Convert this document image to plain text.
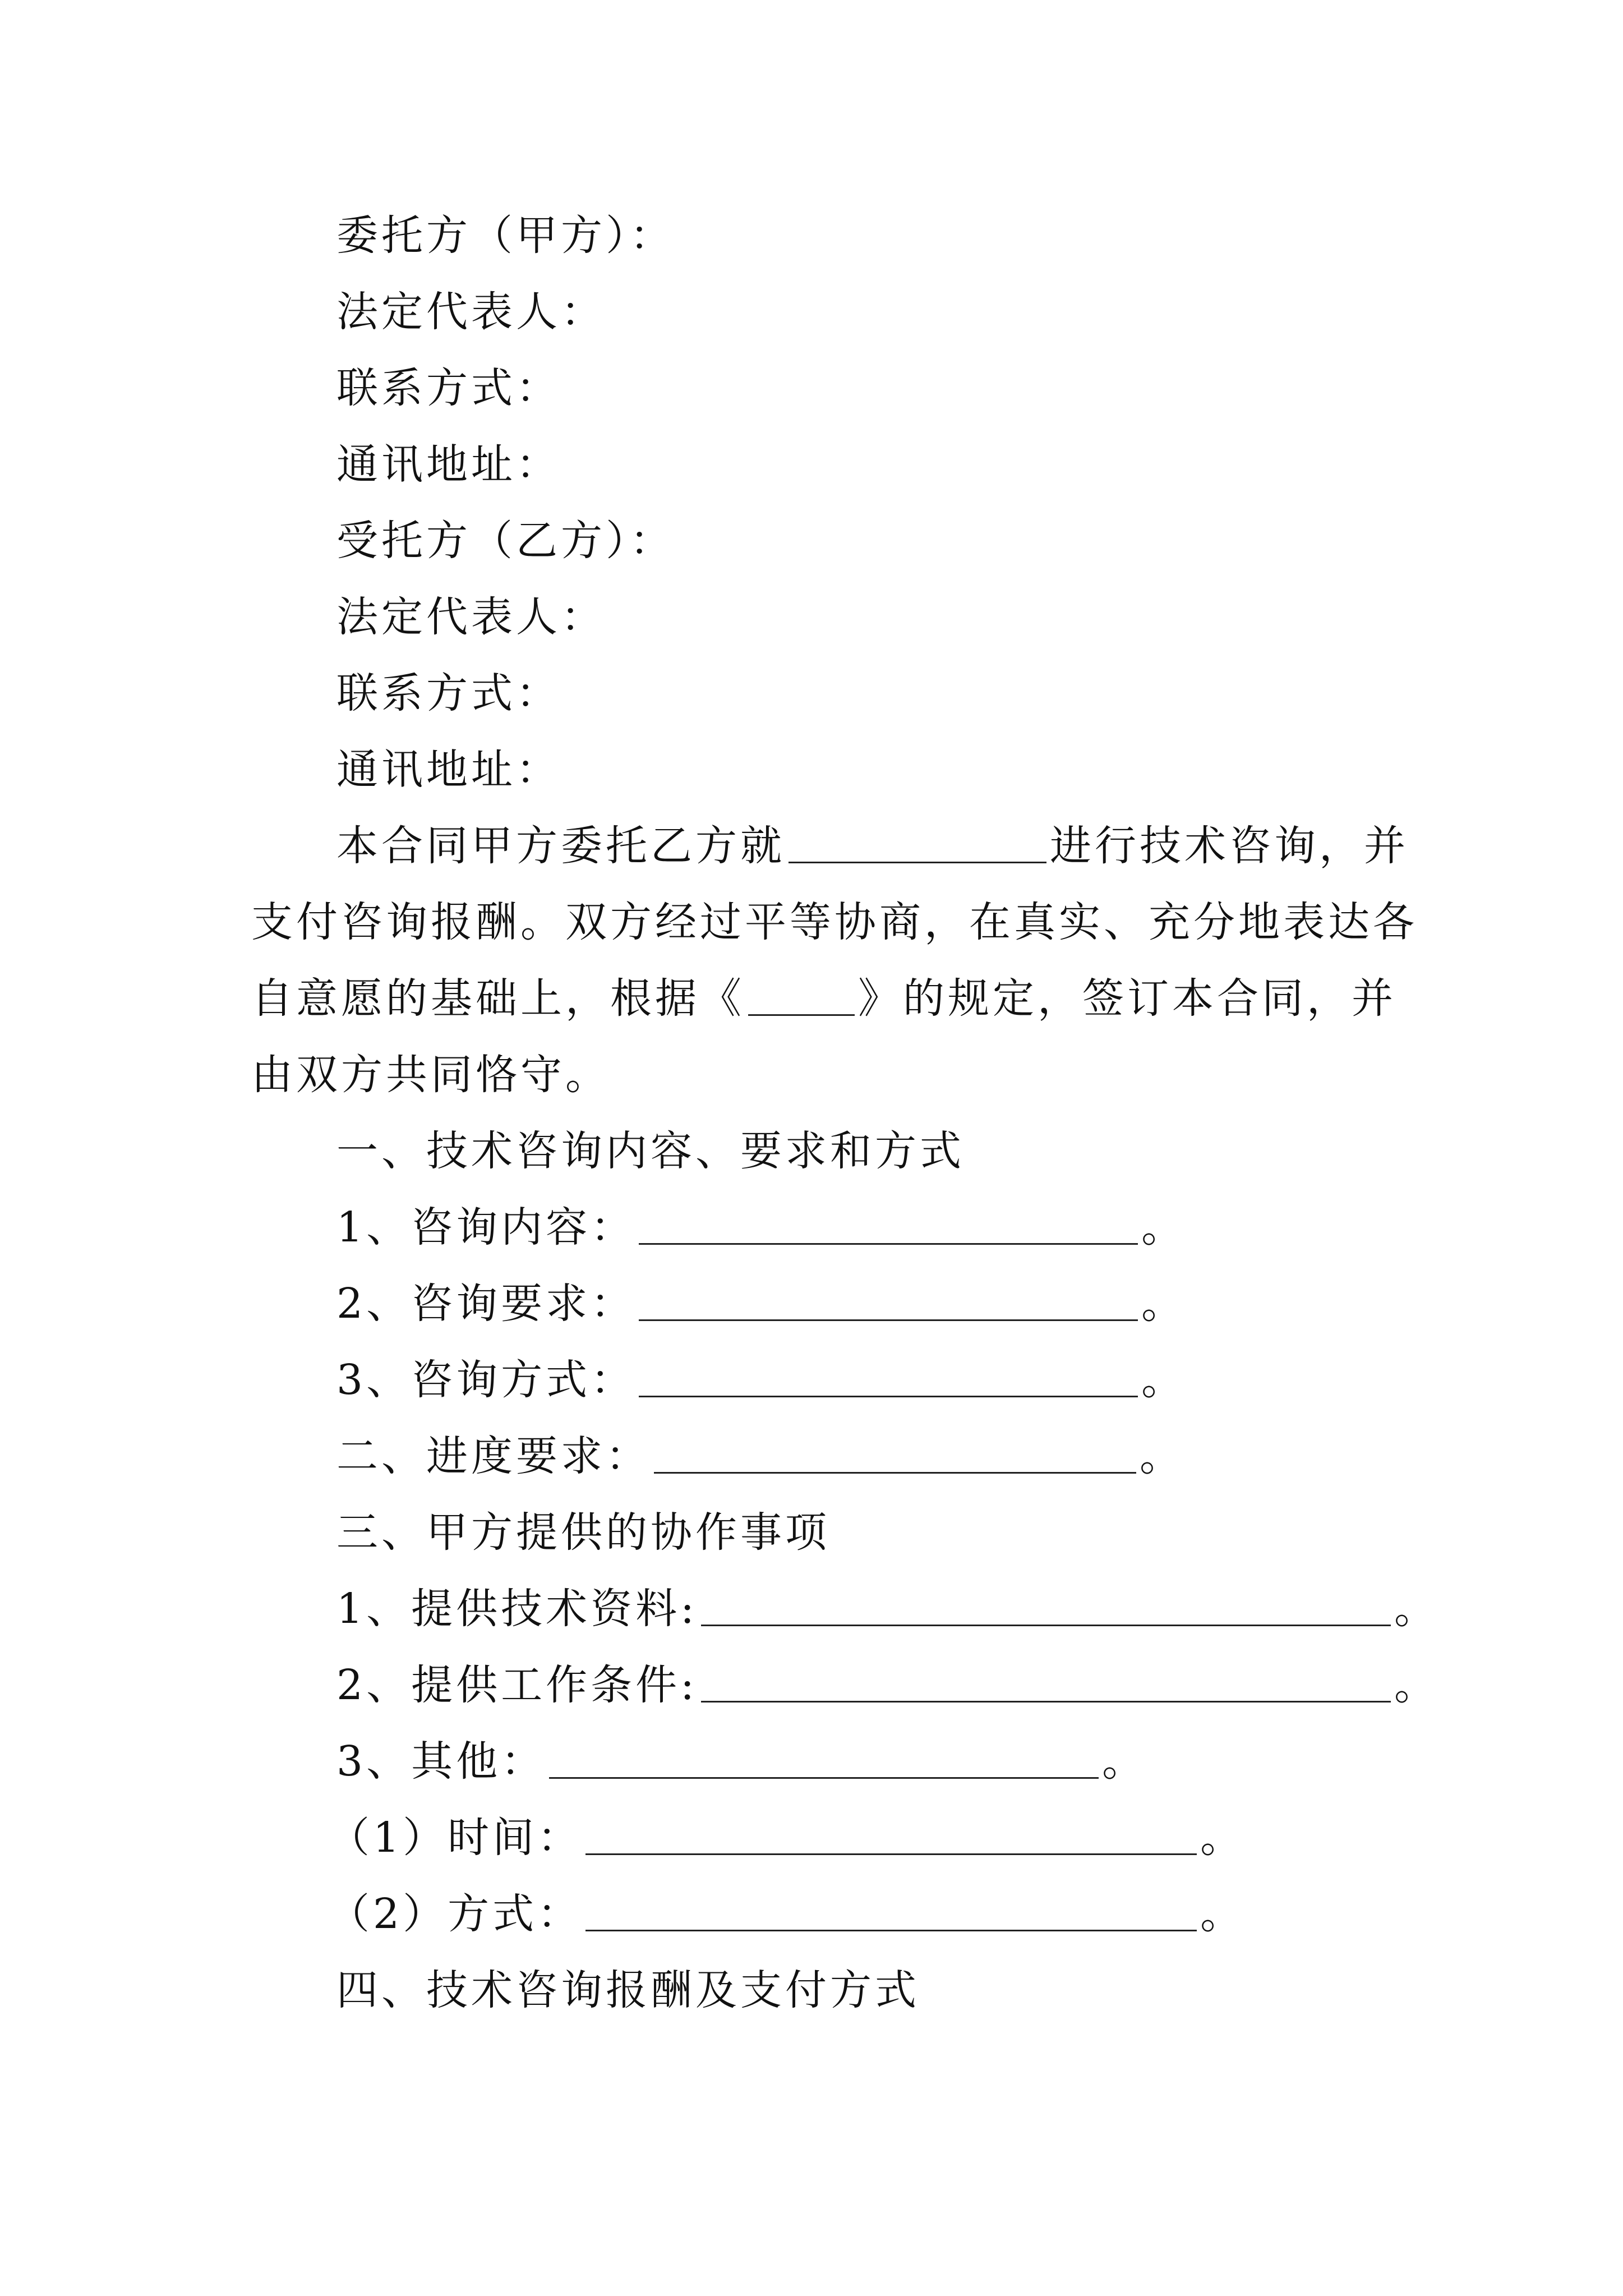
委托方（甲方）：
法定代表人：
联系方式：
通讯地址：
受托方（乙方）：
法定代表人：
联系方式：
通讯地址：
本合同甲方委托乙方就	进行技术咨询，并
支付咨询报酬。双方经过平等协商，在真实、充分地表达各
自意愿的基础上，根据《	》的规定，签订本合同，并
由双方共同恪守。
一、技术咨询内容、要求和方式
1、咨询内容：	。
2、咨询要求：	。
3、咨询方式：	。
二、进度要求：	。
三、甲方提供的协作事项
1、提供技术资料:	。
2、提供工作条件:	。
3、其他：	。
（1）时间：	。
（2）方式：	。
四、技术咨询报酬及支付方式
